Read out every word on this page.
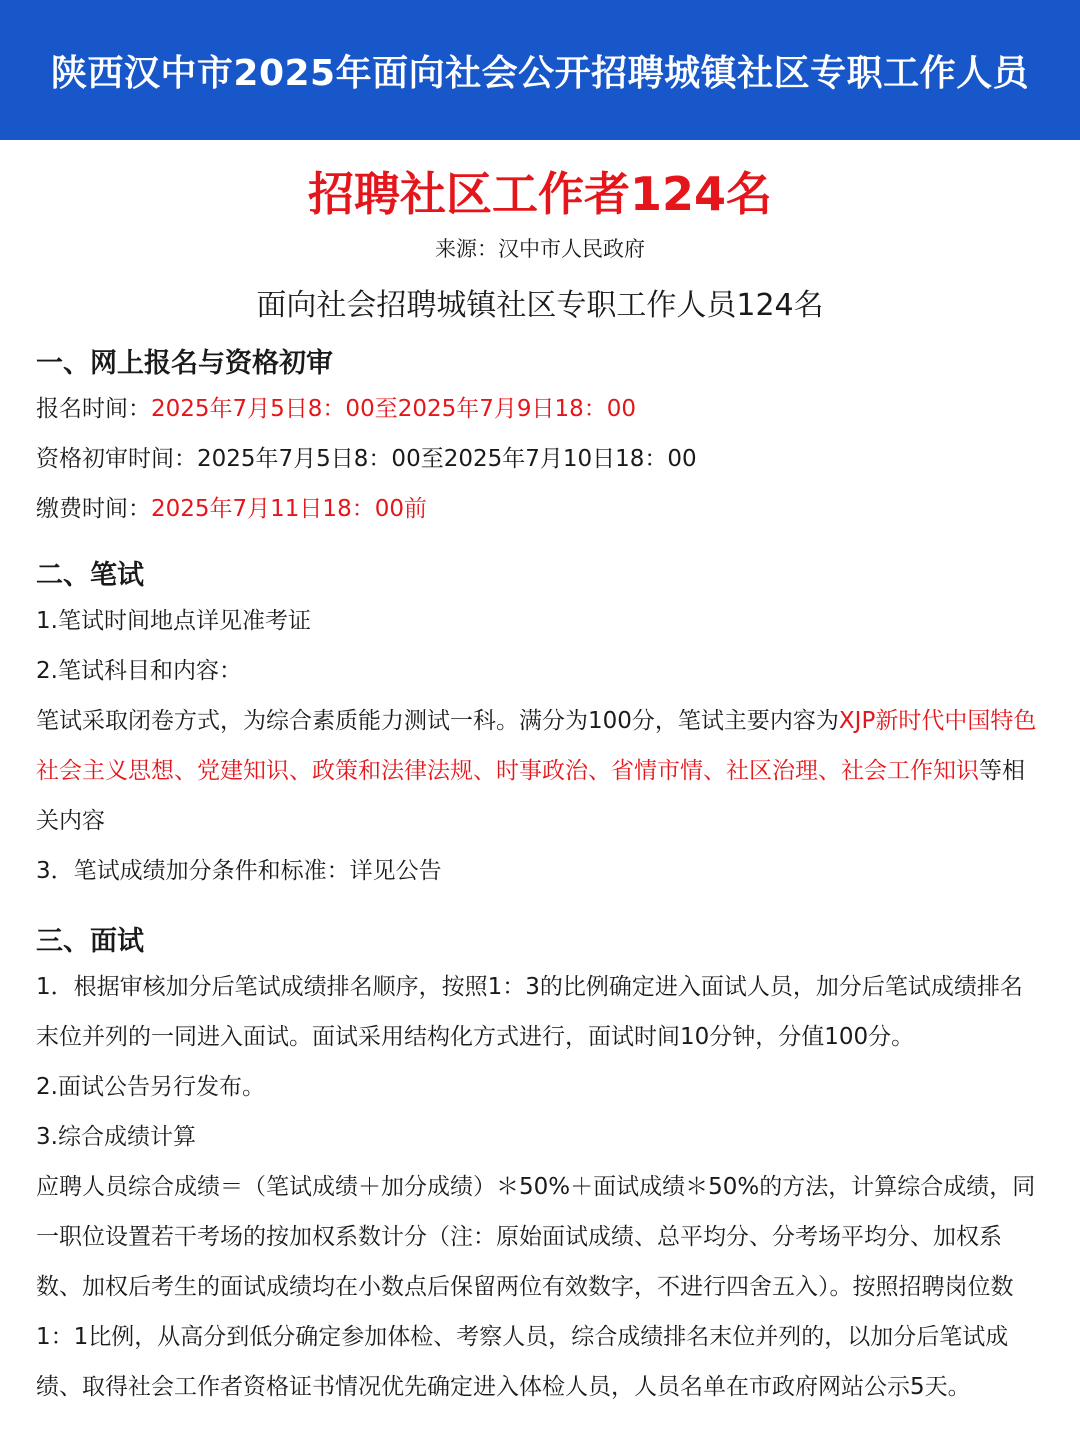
陕西汉中市2025年面向社会公开招聘城镇社区专职工作人员
招聘社区工作者124名
来源：汉中市人民政府
面向社会招聘城镇社区专职工作人员124名
一、网上报名与资格初审
报名时间：2025年7月5日8：00至2025年7月9日18：00
资格初审时间：2025年7月5日8：00至2025年7月10日18：00
缴费时间：2025年7月11日18：00前
二、笔试
1.笔试时间地点详见准考证
2.笔试科目和内容：
笔试采取闭卷方式，为综合素质能力测试一科。满分为100分，笔试主要内容为XJP新时代中国特色社会主义思想、党建知识、政策和法律法规、时事政治、省情市情、社区治理、社会工作知识等相关内容
3．笔试成绩加分条件和标准：详见公告
三、面试
1．根据审核加分后笔试成绩排名顺序，按照1：3的比例确定进入面试人员，加分后笔试成绩排名末位并列的一同进入面试。面试采用结构化方式进行，面试时间10分钟，分值100分。
2.面试公告另行发布。
3.综合成绩计算
应聘人员综合成绩＝（笔试成绩＋加分成绩）＊50%＋面试成绩＊50%的方法，计算综合成绩，同一职位设置若干考场的按加权系数计分（注：原始面试成绩、总平均分、分考场平均分、加权系数、加权后考生的面试成绩均在小数点后保留两位有效数字，不进行四舍五入）。按照招聘岗位数1：1比例，从高分到低分确定参加体检、考察人员，综合成绩排名末位并列的，以加分后笔试成绩、取得社会工作者资格证书情况优先确定进入体检人员，人员名单在市政府网站公示5天。
